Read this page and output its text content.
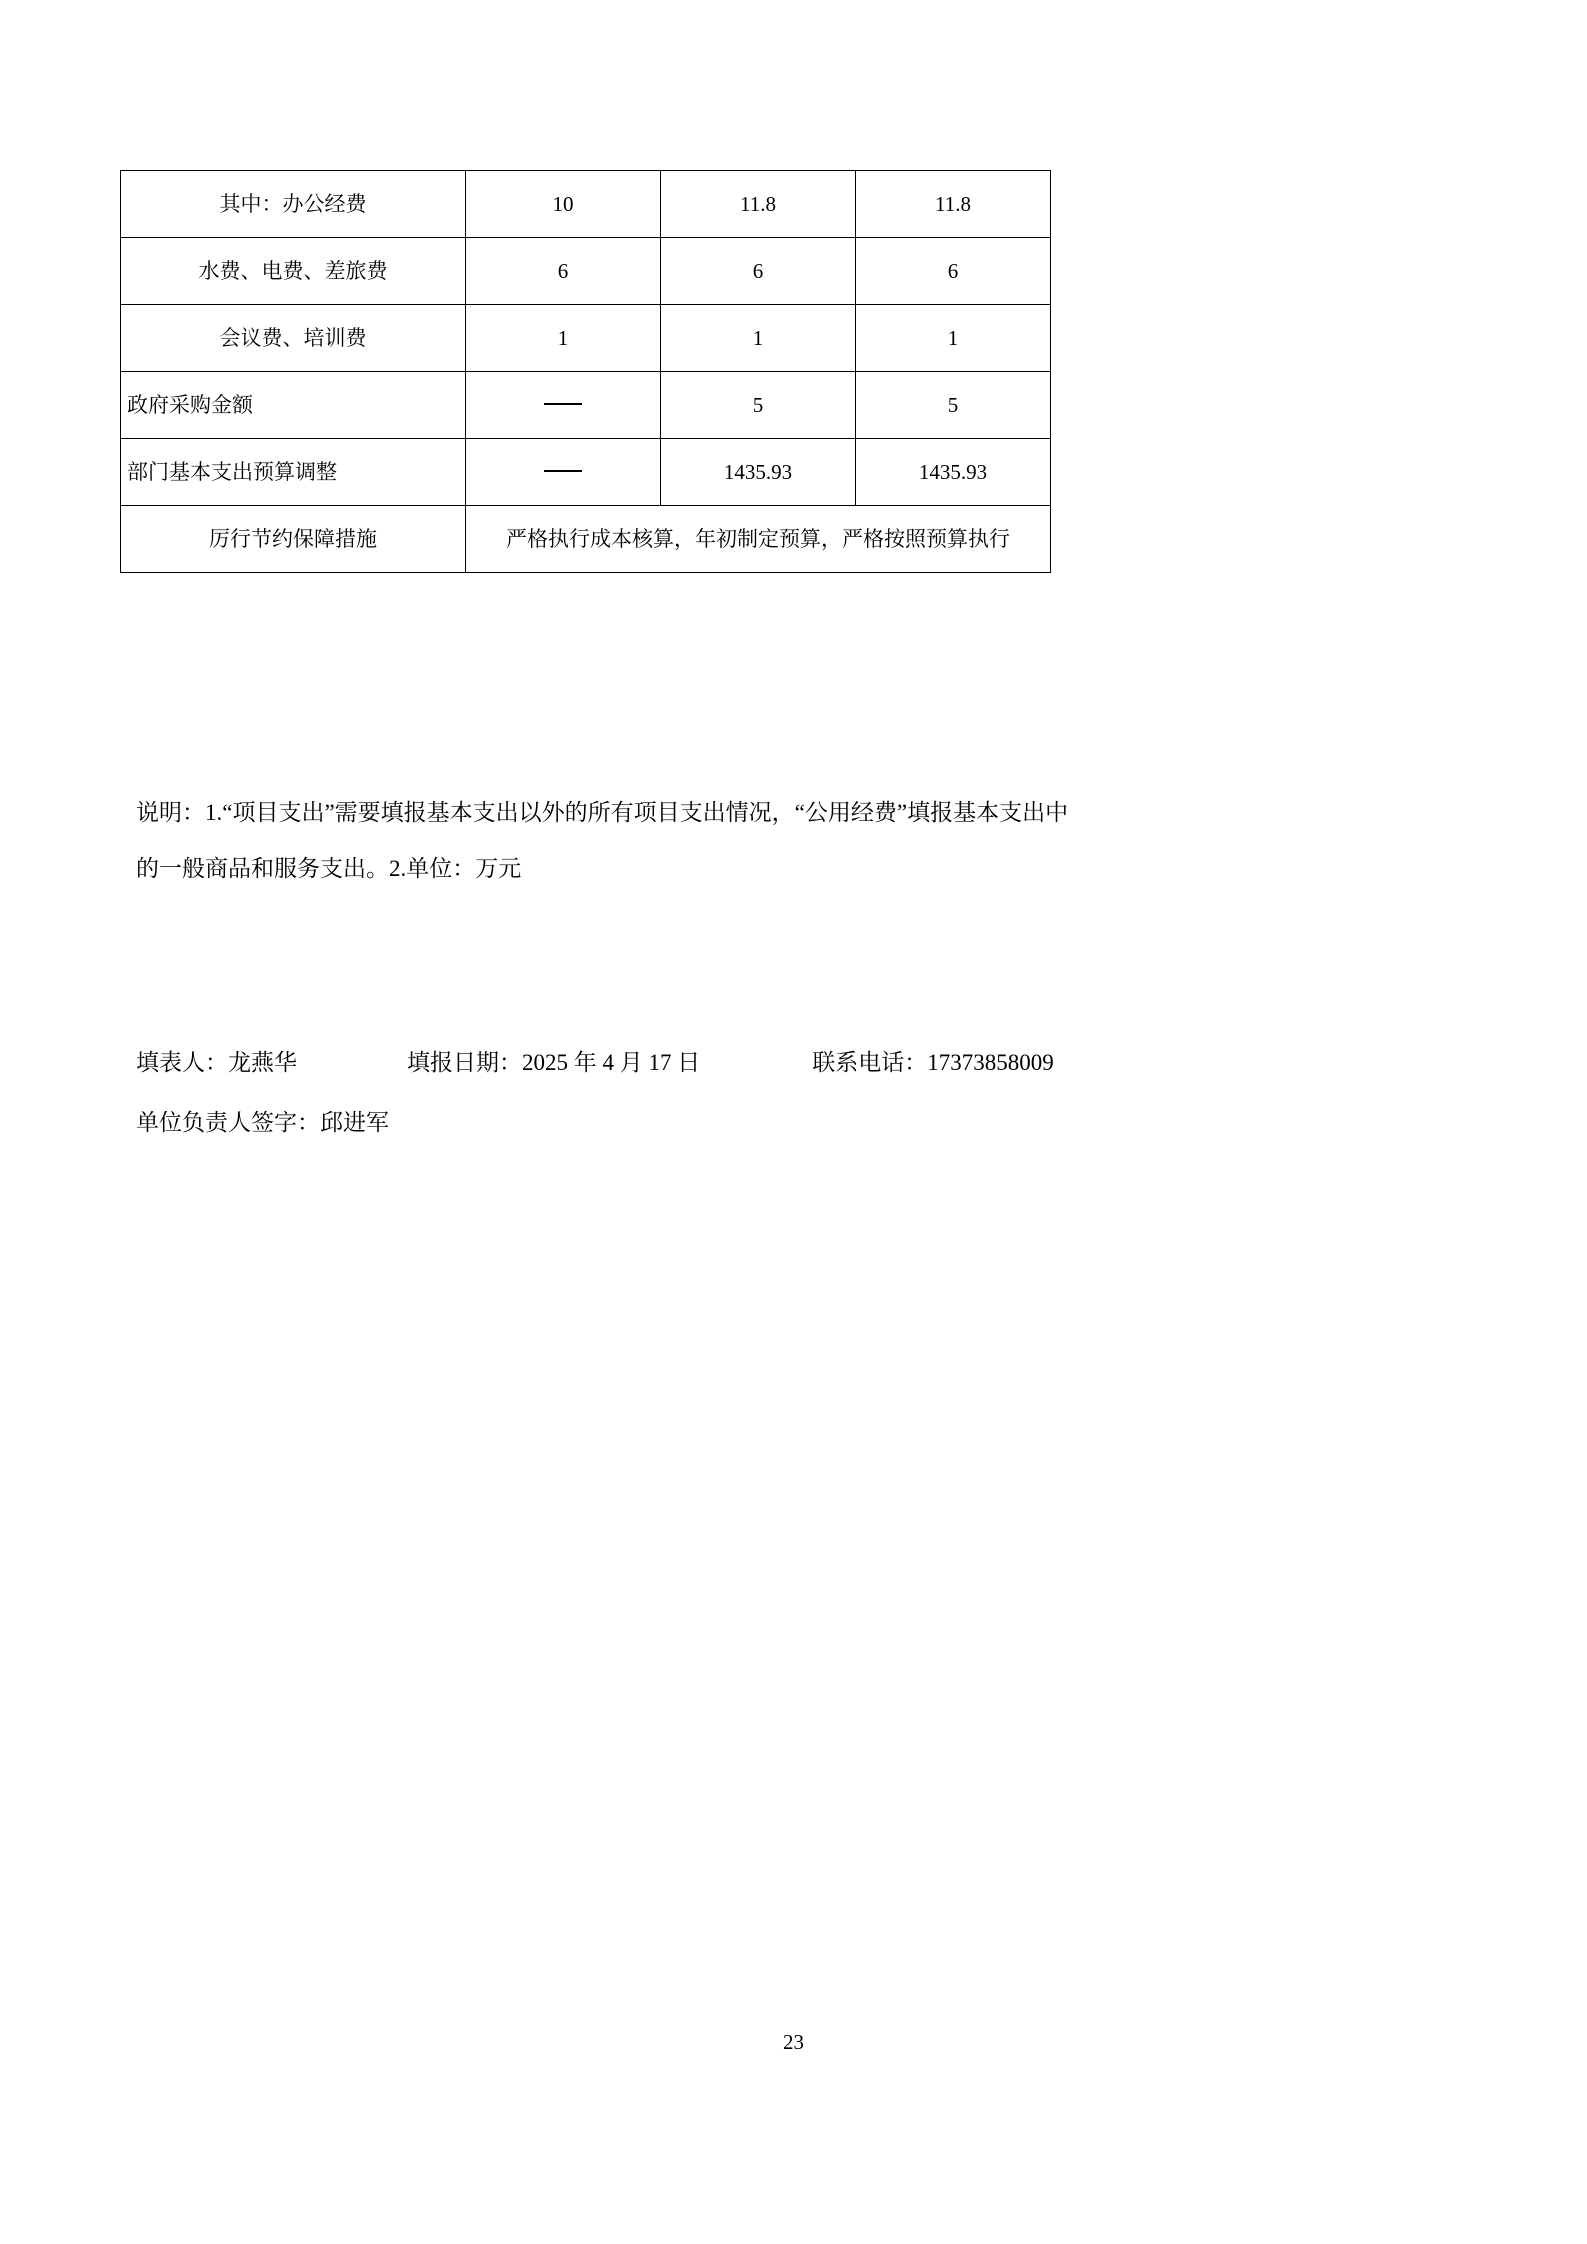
其中：办公经费	10	11.8	11.8
水费、电费、差旅费	6	6	6
会议费、培训费	1	1	1
政府采购金额		5	5
部门基本支出预算调整		1435.93	1435.93
厉行节约保障措施	严格执行成本核算，年初制定预算，严格按照预算执行		
说明：1.“项目支出”需要填报基本支出以外的所有项目支出情况，“公用经费”填报基本支出中
的一般商品和服务支出。2.单位：万元
填表人：龙燕华	填报日期：2025 年 4 月 17 日	联系电话：17373858009
单位负责人签字：邱进军
23
